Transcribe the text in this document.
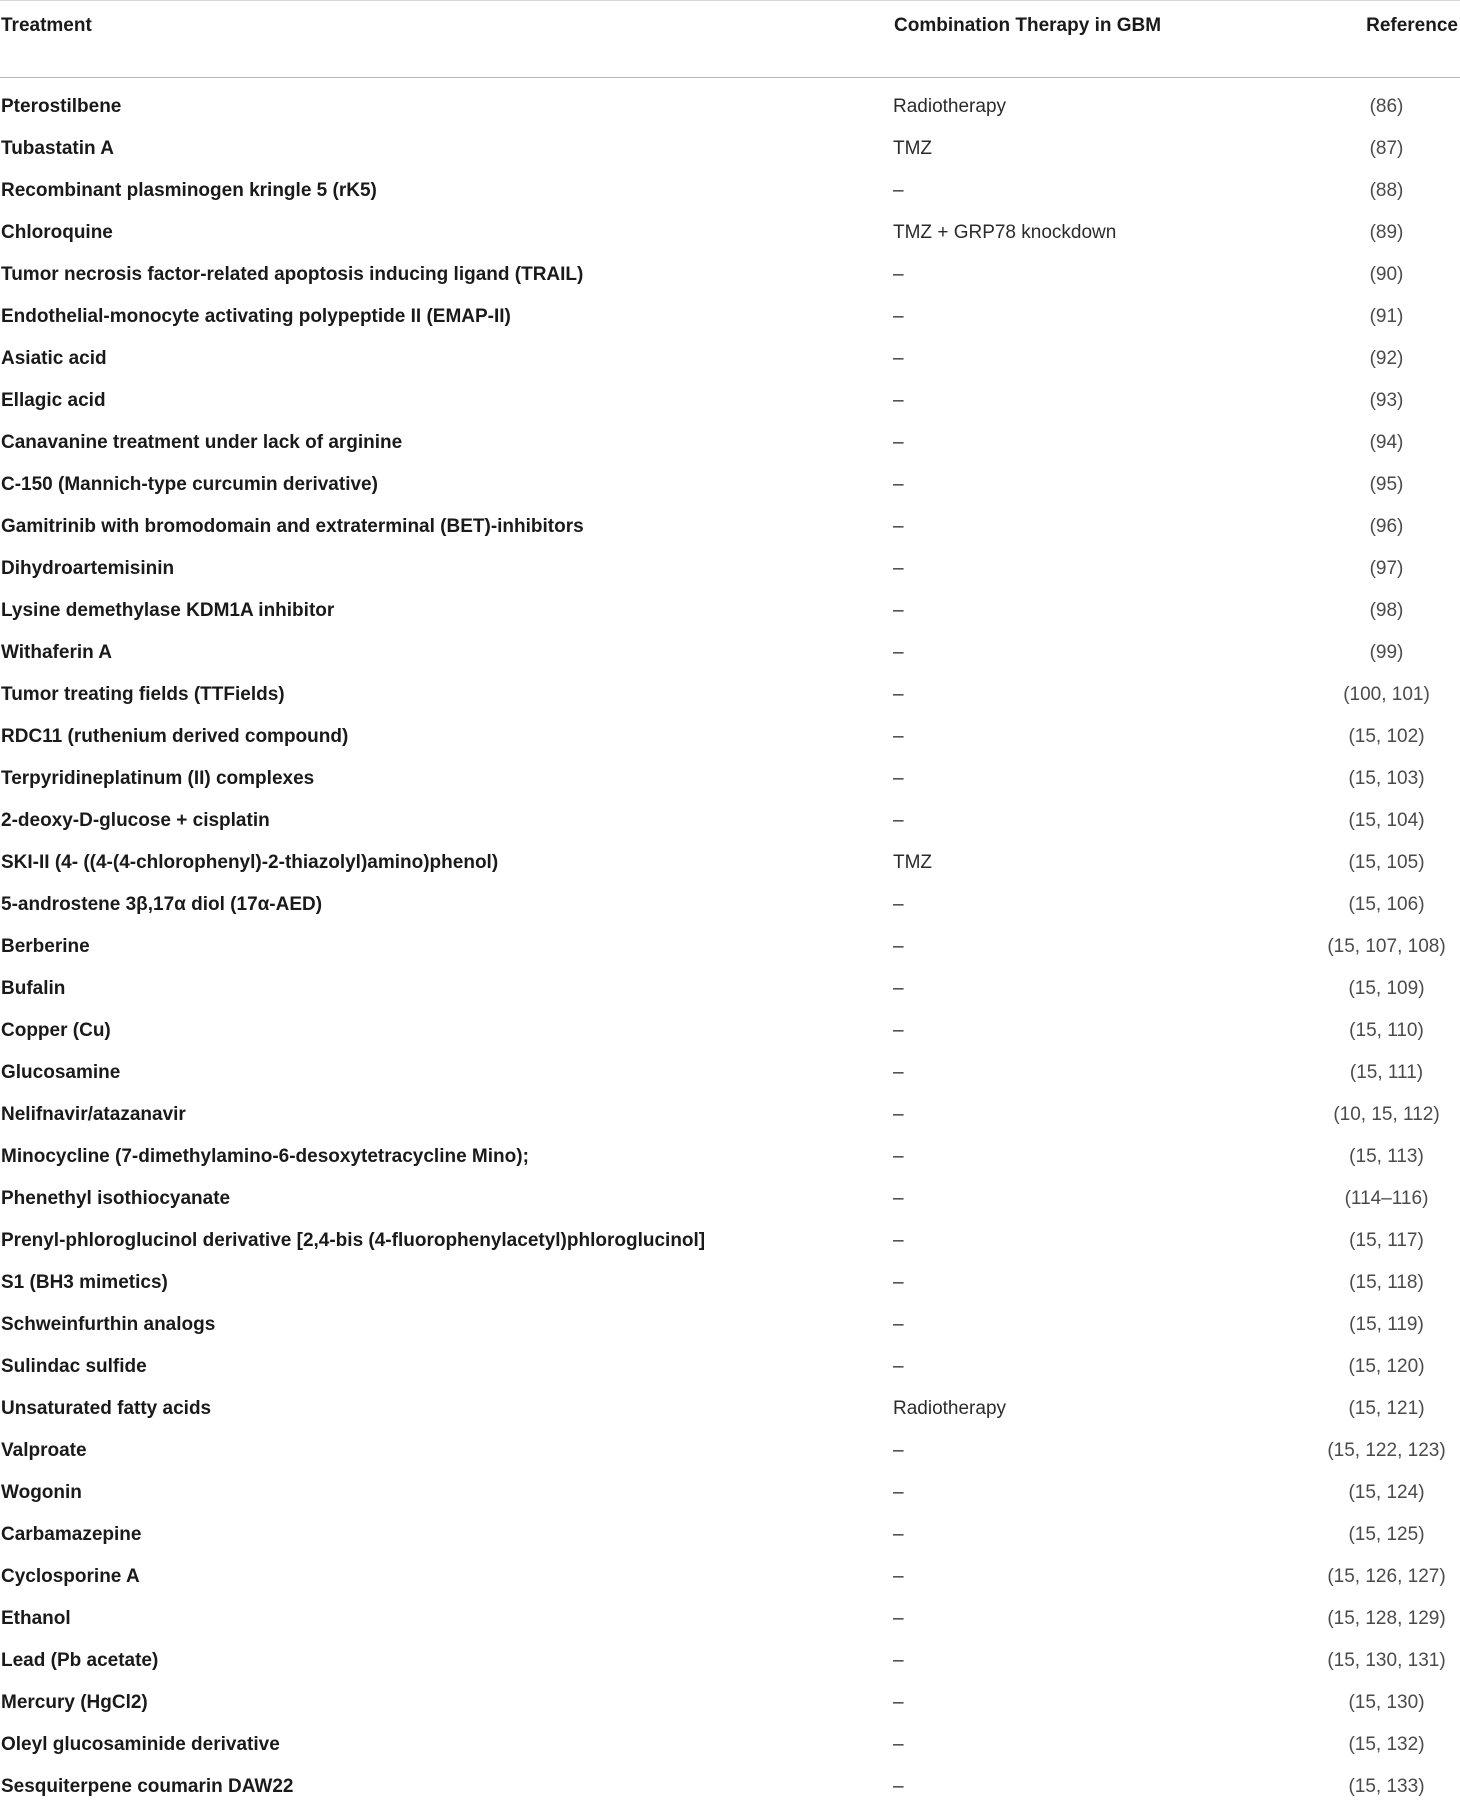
Treatment	Combination Therapy in GBM	Reference
Pterostilbene	Radiotherapy	(86)
Tubastatin A	TMZ	(87)
Recombinant plasminogen kringle 5 (rK5)	–	(88)
Chloroquine	TMZ + GRP78 knockdown	(89)
Tumor necrosis factor-related apoptosis inducing ligand (TRAIL)	–	(90)
Endothelial-monocyte activating polypeptide II (EMAP-II)	–	(91)
Asiatic acid	–	(92)
Ellagic acid	–	(93)
Canavanine treatment under lack of arginine	–	(94)
C-150 (Mannich-type curcumin derivative)	–	(95)
Gamitrinib with bromodomain and extraterminal (BET)-inhibitors	–	(96)
Dihydroartemisinin	–	(97)
Lysine demethylase KDM1A inhibitor	–	(98)
Withaferin A	–	(99)
Tumor treating fields (TTFields)	–	(100, 101)
RDC11 (ruthenium derived compound)	–	(15, 102)
Terpyridineplatinum (II) complexes	–	(15, 103)
2-deoxy-D-glucose + cisplatin	–	(15, 104)
SKI-II (4- ((4-(4-chlorophenyl)-2-thiazolyl)amino)phenol)	TMZ	(15, 105)
5-androstene 3β,17α diol (17α-AED)	–	(15, 106)
Berberine	–	(15, 107, 108)
Bufalin	–	(15, 109)
Copper (Cu)	–	(15, 110)
Glucosamine	–	(15, 111)
Nelifnavir/atazanavir	–	(10, 15, 112)
Minocycline (7-dimethylamino-6-desoxytetracycline Mino);	–	(15, 113)
Phenethyl isothiocyanate	–	(114–116)
Prenyl-phloroglucinol derivative [2,4-bis (4-fluorophenylacetyl)phloroglucinol]	–	(15, 117)
S1 (BH3 mimetics)	–	(15, 118)
Schweinfurthin analogs	–	(15, 119)
Sulindac sulfide	–	(15, 120)
Unsaturated fatty acids	Radiotherapy	(15, 121)
Valproate	–	(15, 122, 123)
Wogonin	–	(15, 124)
Carbamazepine	–	(15, 125)
Cyclosporine A	–	(15, 126, 127)
Ethanol	–	(15, 128, 129)
Lead (Pb acetate)	–	(15, 130, 131)
Mercury (HgCl2)	–	(15, 130)
Oleyl glucosaminide derivative	–	(15, 132)
Sesquiterpene coumarin DAW22	–	(15, 133)
